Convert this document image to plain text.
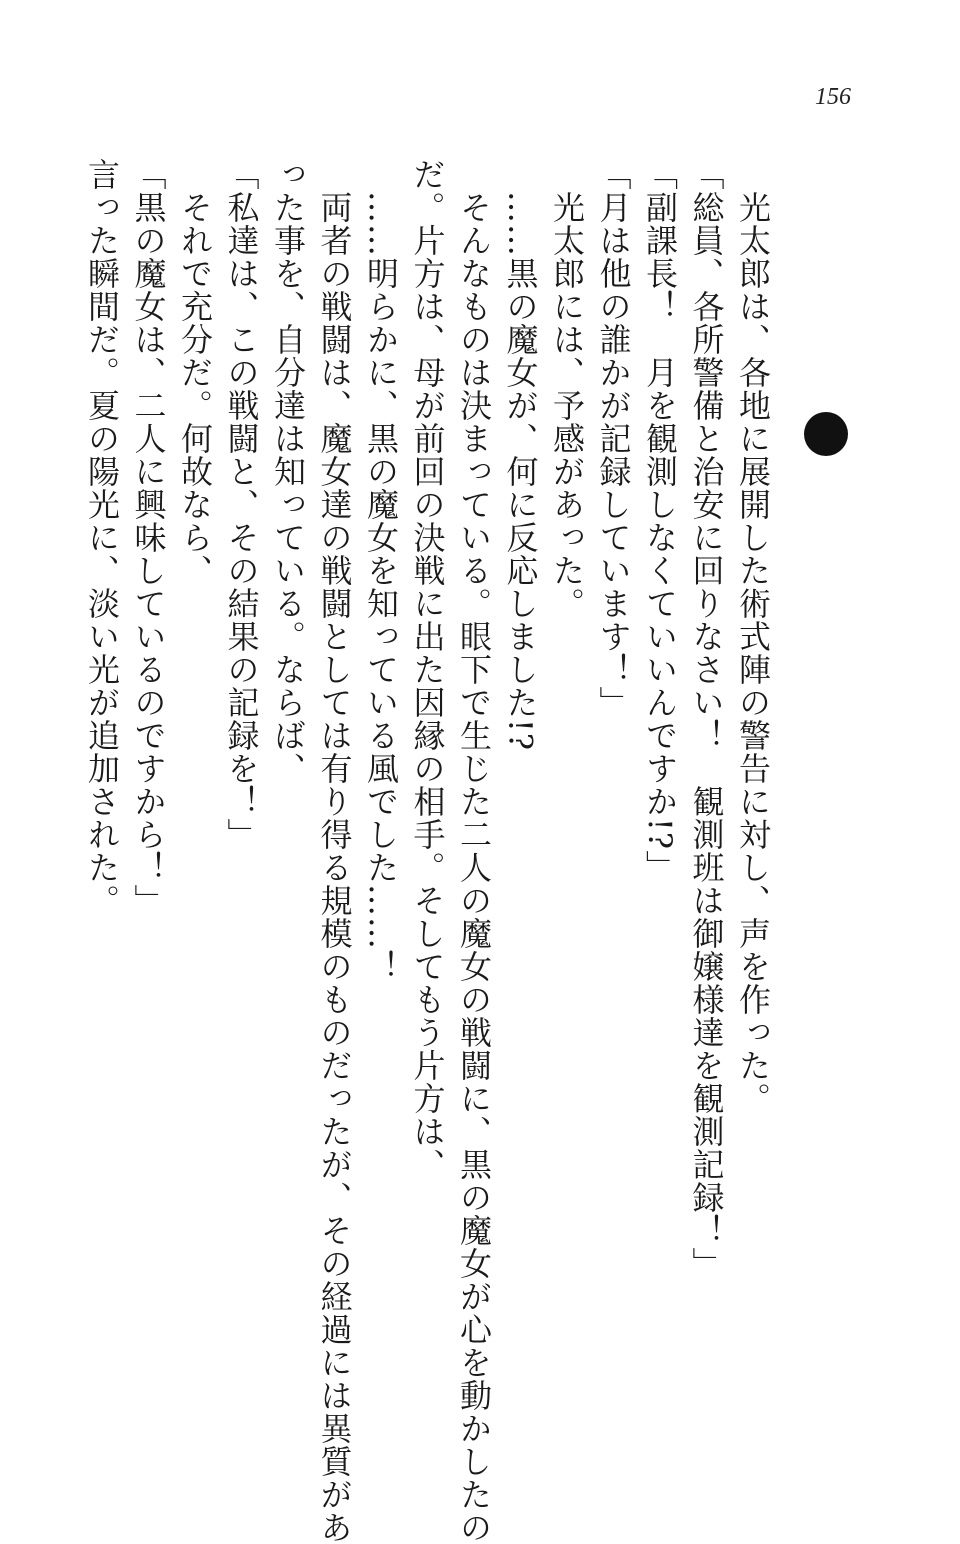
156
光太郎は、各地に展開した術式陣の警告に対し、声を作った。
「総員、各所警備と治安に回りなさい！　観測班は御嬢様達を観測記録！」
「副課長！　月を観測しなくていいんですか!?」
「月は他の誰かが記録しています！」
光太郎には、予感があった。
……黒の魔女が、何に反応しました!?
そんなものは決まっている。眼下で生じた二人の魔女の戦闘に、黒の魔女が心を動かしたの
だ。片方は、母が前回の決戦に出た因縁の相手。そしてもう片方は、
……明らかに、黒の魔女を知っている風でした……！
両者の戦闘は、魔女達の戦闘としては有り得る規模のものだったが、その経過には異質があ
った事を、自分達は知っている。ならば、
「私達は、この戦闘と、その結果の記録を！」
それで充分だ。何故なら、
「黒の魔女は、二人に興味しているのですから！」
言った瞬間だ。夏の陽光に、淡い光が追加された。
